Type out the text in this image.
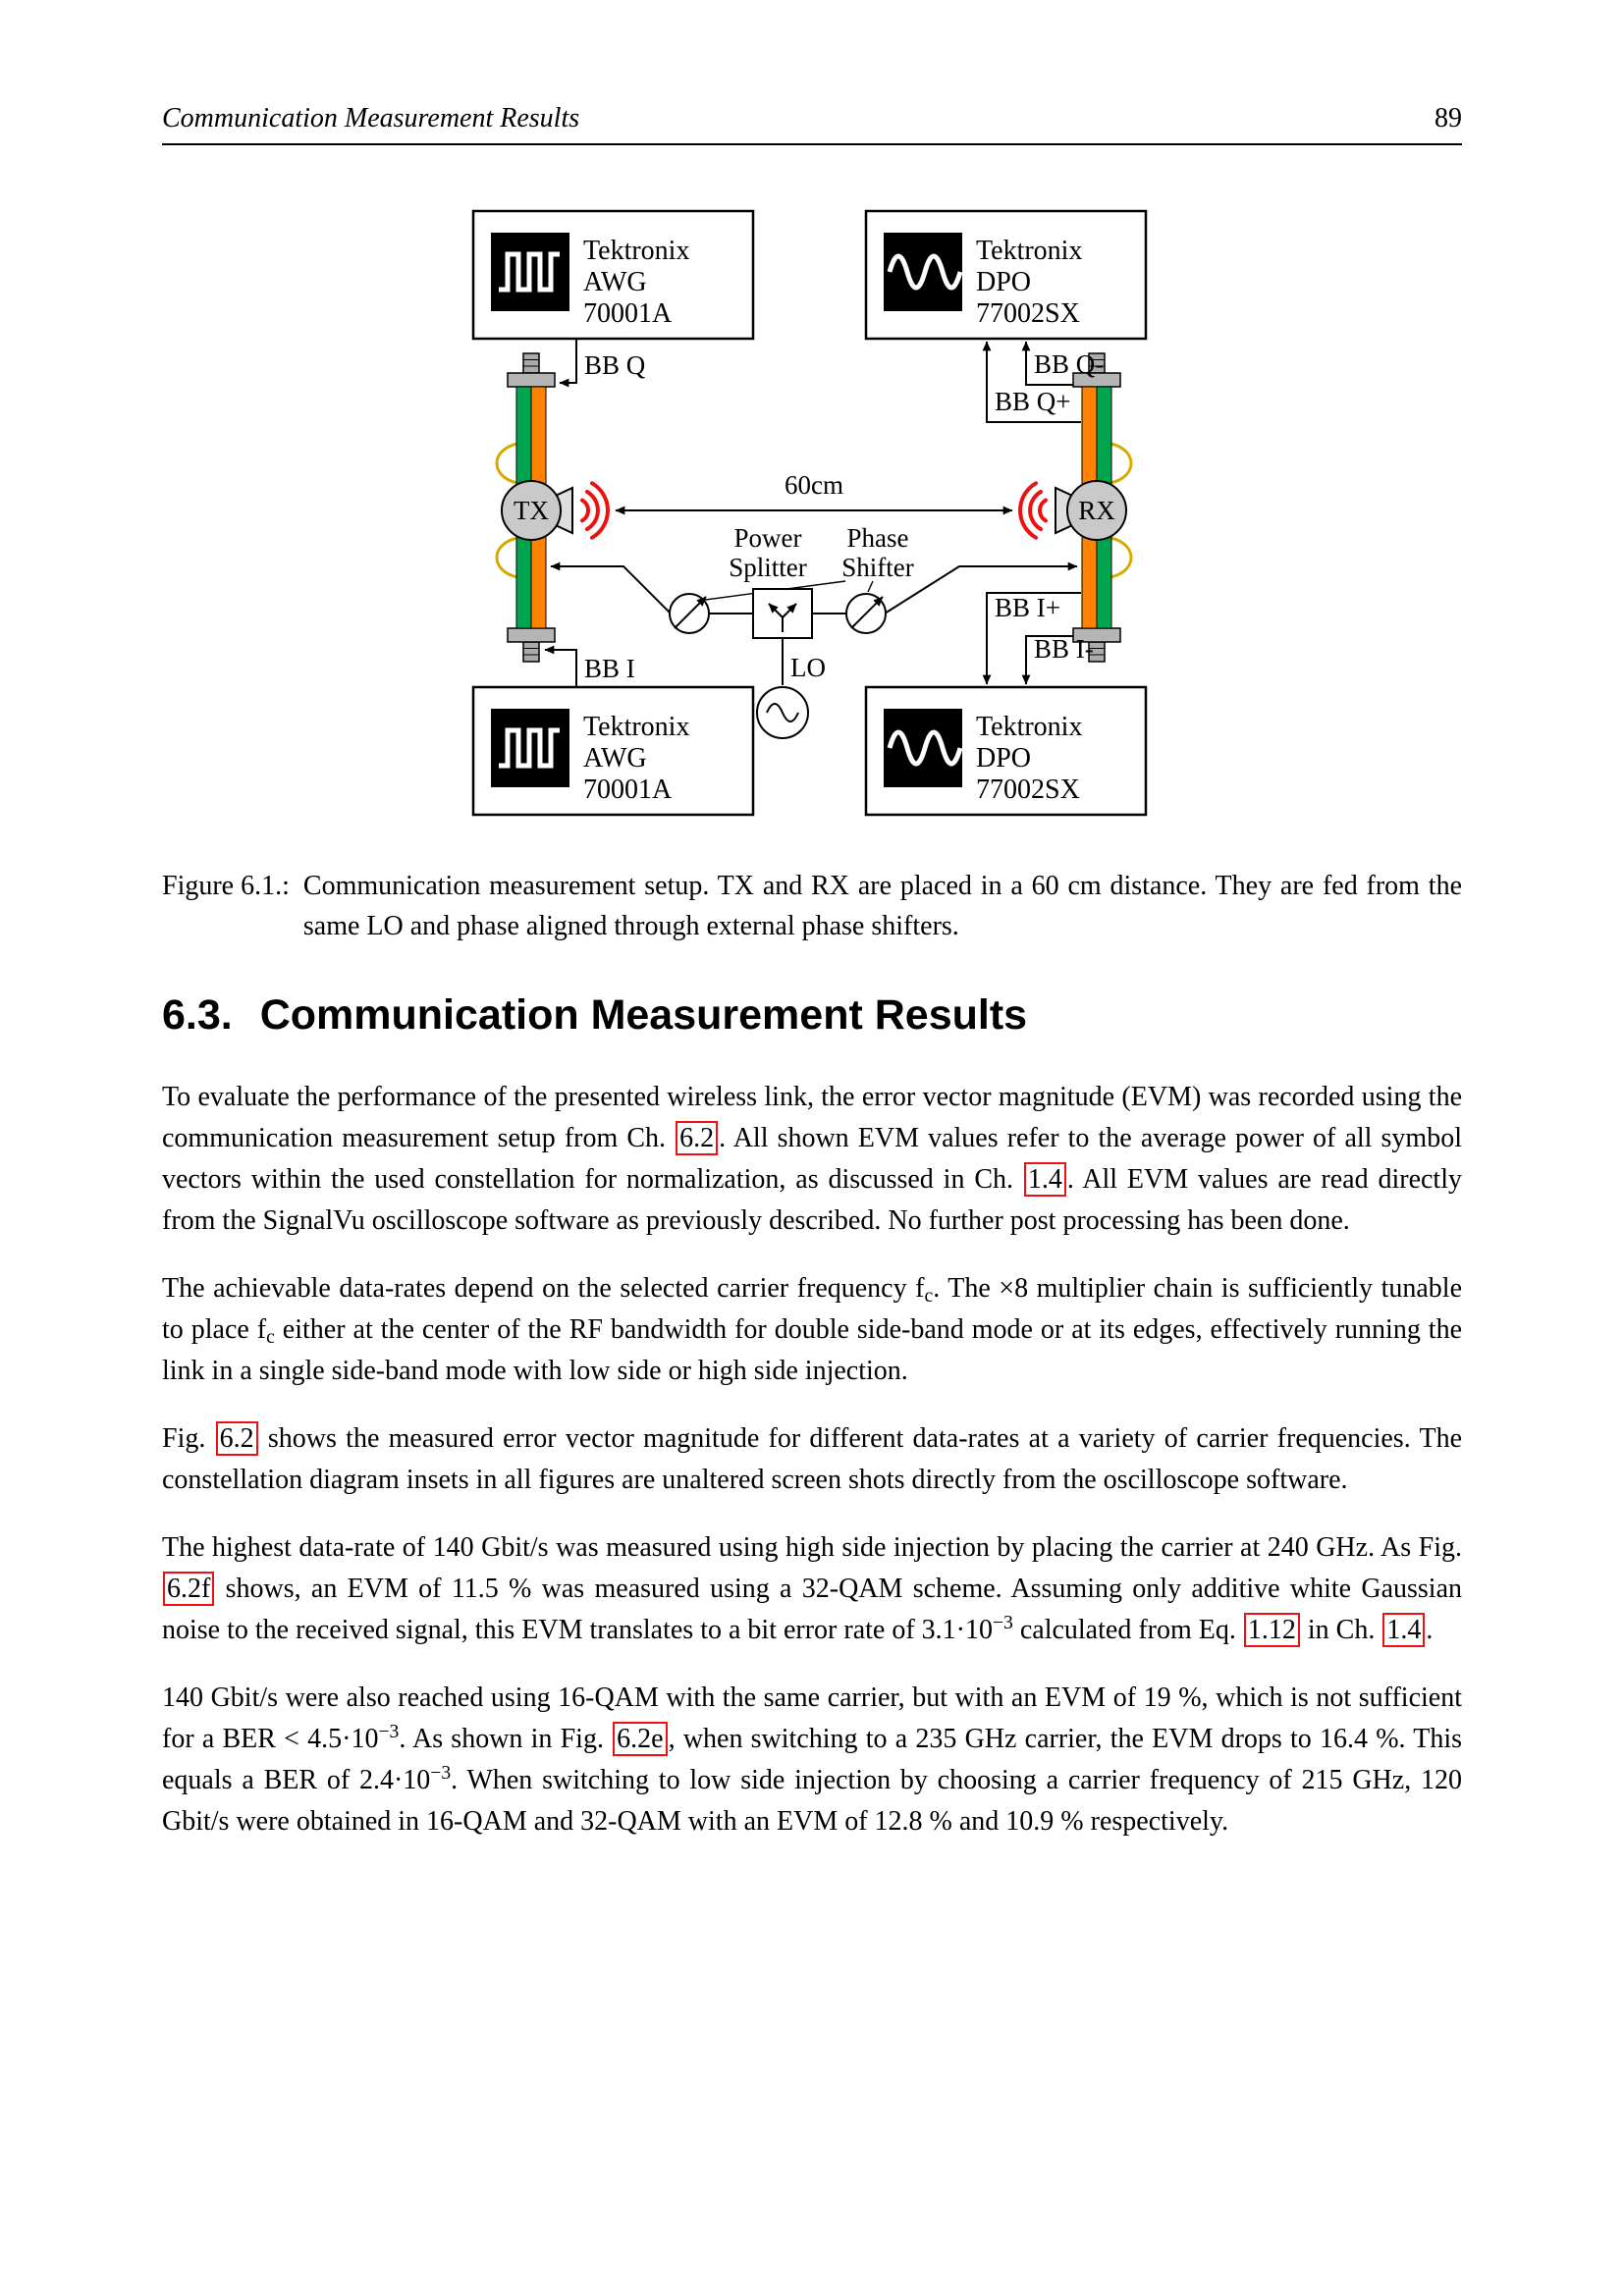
Communication Measurement Results	89
TX	RX
Tektronix
AWG
70001A
Tektronix
DPO
77002SX
Tektronix
AWG
70001A
Tektronix
DPO
77002SX
BB Q
BB I
BB Q-
BB Q+
BB I+
BB I-
60cm
Power
Splitter
Phase
Shifter
LO
Figure 6.1.: Communication measurement setup. TX and RX are placed in a 60 cm distance. They are fed from the same LO and phase aligned through external phase shifters.
6.3. Communication Measurement Results

To evaluate the performance of the presented wireless link, the error vector magnitude (EVM) was recorded using the communication measurement setup from Ch. 6.2 . All shown EVM values refer to the average power of all symbol vectors within the used constellation for normalization, as discussed in Ch. 1.4 . All EVM values are read directly from the SignalVu oscilloscope software as previously described. No further post processing has been done.

The achievable data-rates depend on the selected carrier frequency fc. The ×8 multiplier chain is sufficiently tunable to place fc either at the center of the RF bandwidth for double side-band mode or at its edges, effectively running the link in a single side-band mode with low side or high side injection.

Fig. 6.2 shows the measured error vector magnitude for different data-rates at a variety of carrier frequencies. The constellation diagram insets in all figures are unaltered screen shots directly from the oscilloscope software.

The highest data-rate of 140 Gbit/s was measured using high side injection by placing the carrier at 240 GHz. As Fig. 6.2f shows, an EVM of 11.5 % was measured using a 32-QAM scheme. Assuming only additive white Gaussian noise to the received signal, this EVM translates to a bit error rate of $3.1\cdot 10^{-3}$ calculated from Eq. 1.12 in Ch. 1.4 .

140 Gbit/s were also reached using 16-QAM with the same carrier, but with an EVM of 19 %, which is not sufficient for a BER < $4.5\cdot 10^{-3}$. As shown in Fig. 6.2e , when switching to a 235 GHz carrier, the EVM drops to 16.4 %. This equals a BER of $2.4\cdot 10^{-3}$. When switching to low side injection by choosing a carrier frequency of 215 GHz, 120 Gbit/s were obtained in 16-QAM and 32-QAM with an EVM of 12.8 % and 10.9 % respectively.
